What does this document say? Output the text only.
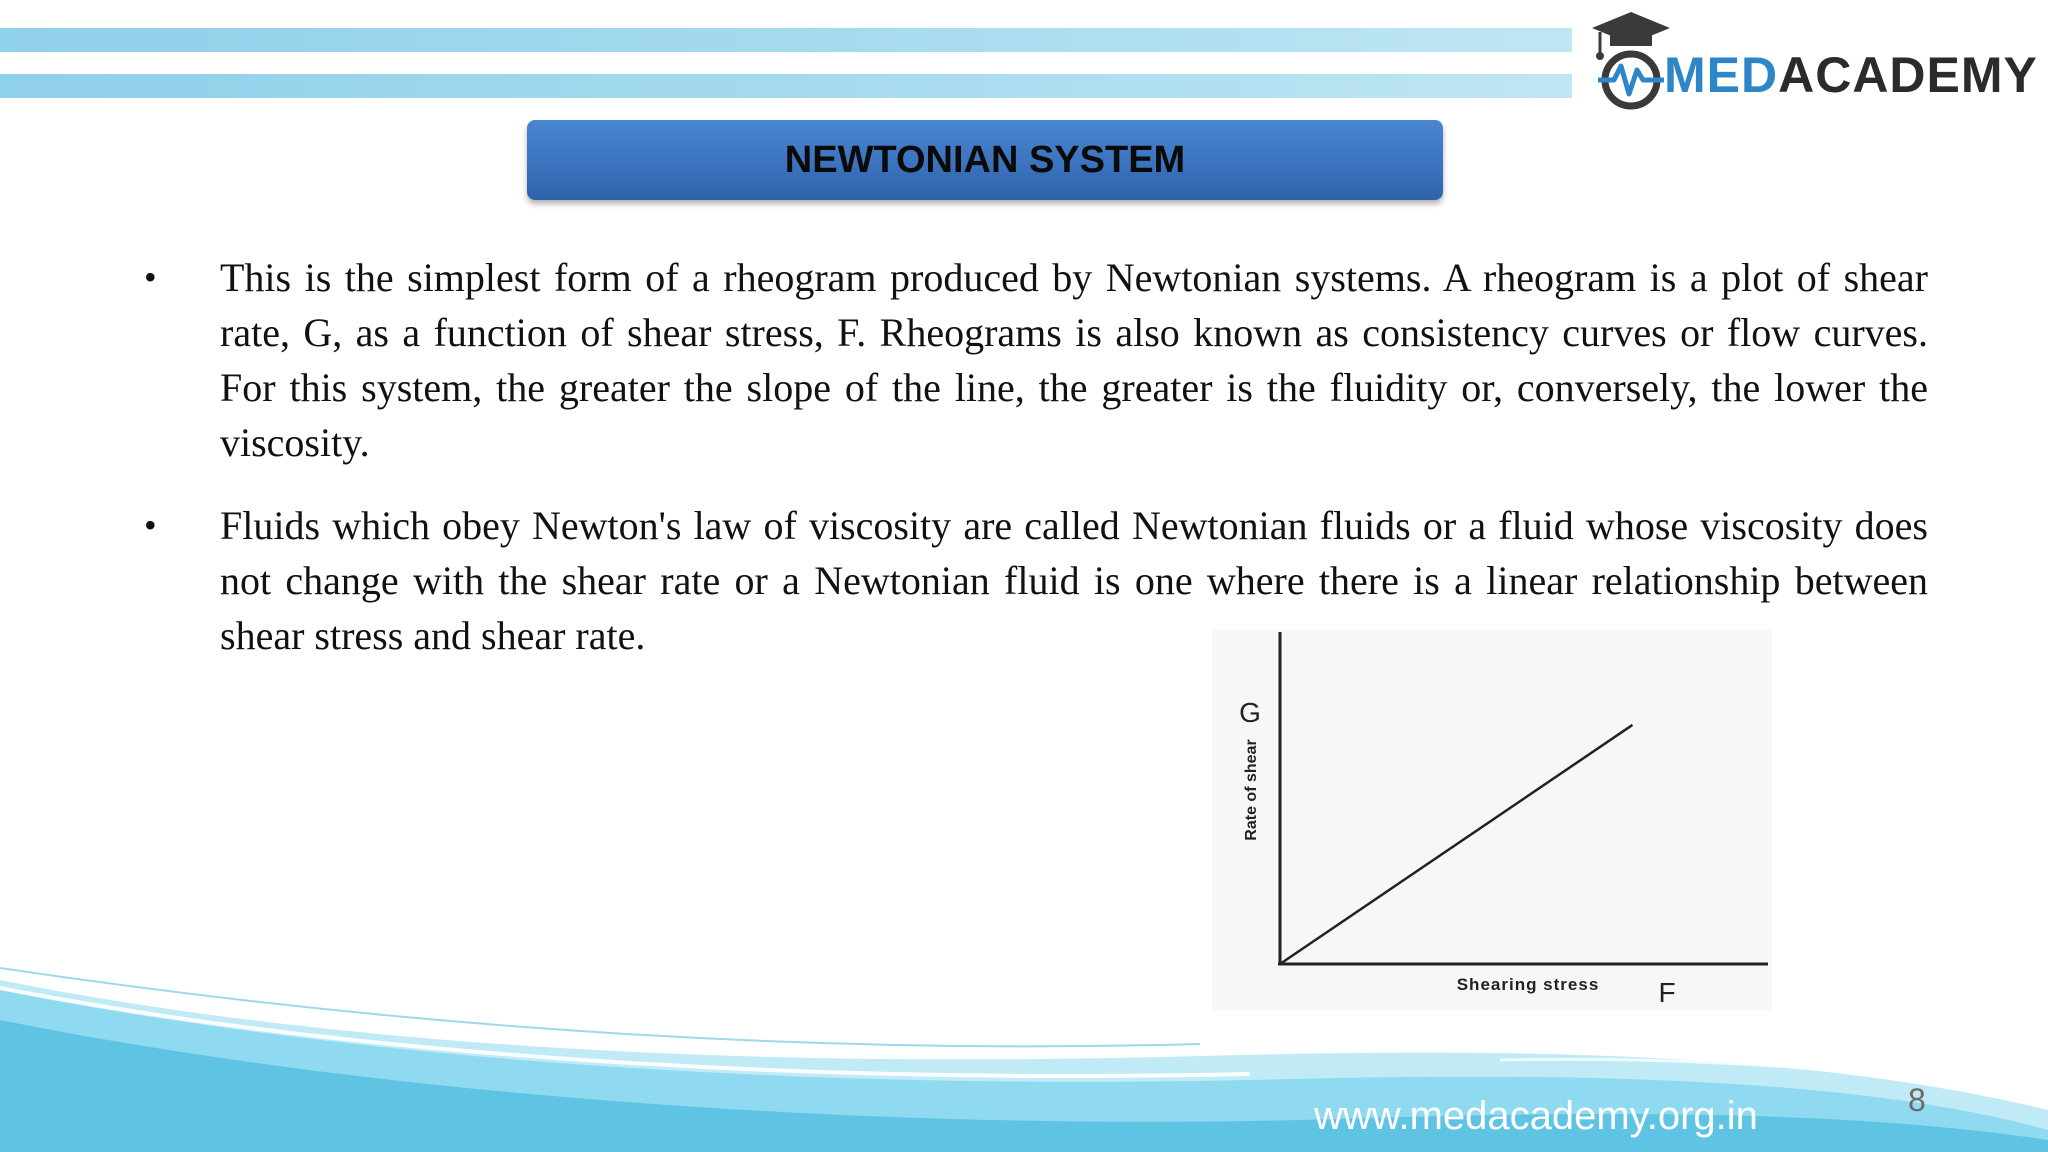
MEDACADEMY
NEWTONIAN SYSTEM
• This is the simplest form of a rheogram produced by Newtonian systems. A rheogram is a plot of shear rate, G, as a function of shear stress, F. Rheograms is also known as consistency curves or flow curves. For this system, the greater the slope of the line, the greater is the fluidity or, conversely, the lower the viscosity.
• Fluids which obey Newton's law of viscosity are called Newtonian fluids or a fluid whose viscosity does not change with the shear rate or a Newtonian fluid is one where there is a linear relationship between shear stress and shear rate.
G
Rate of shear
Shearing stress F
www.medacademy.org.in	8
